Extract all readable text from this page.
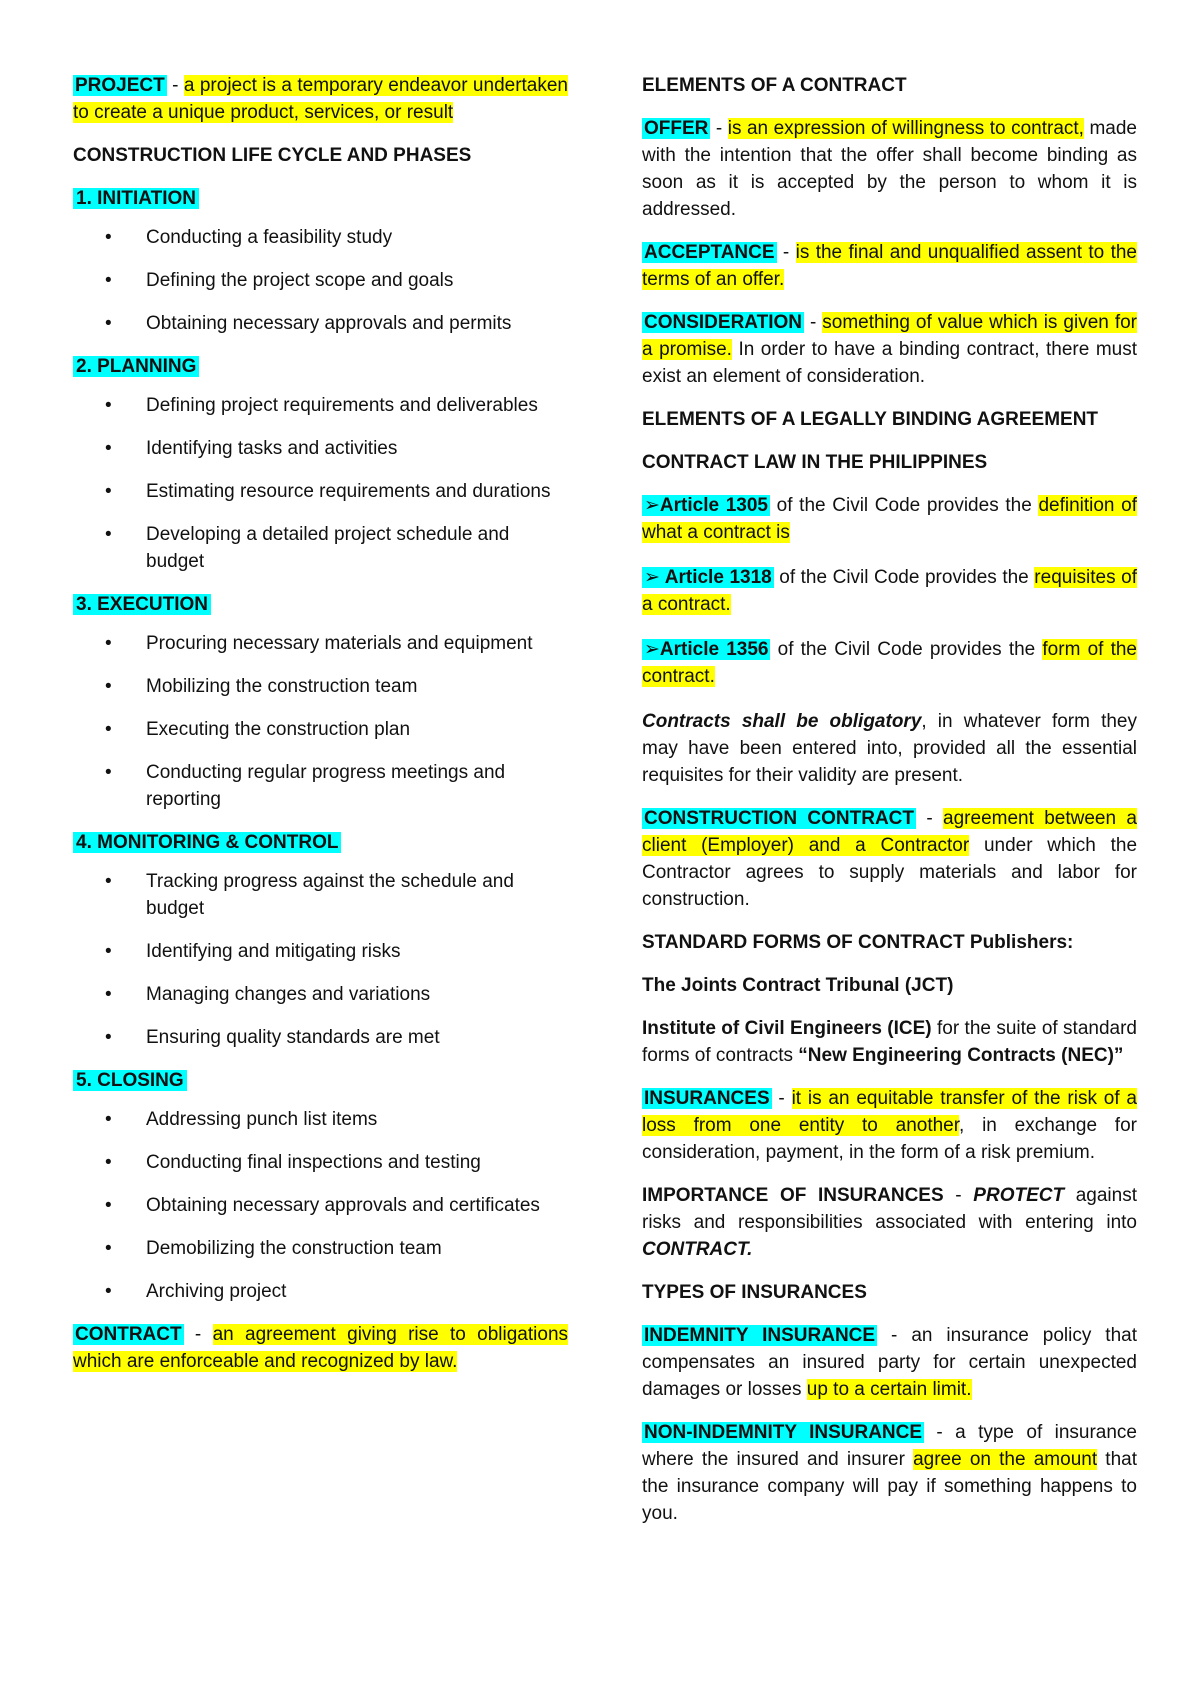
PROJECT - a project is a temporary endeavor undertaken to create a unique product, services, or result

CONSTRUCTION LIFE CYCLE AND PHASES

1. INITIATION

• Conducting a feasibility study
• Defining the project scope and goals
• Obtaining necessary approvals and permits

2. PLANNING

• Defining project requirements and deliverables
• Identifying tasks and activities
• Estimating resource requirements and durations
• Developing a detailed project schedule and budget

3. EXECUTION

• Procuring necessary materials and equipment
• Mobilizing the construction team
• Executing the construction plan
• Conducting regular progress meetings and reporting

4. MONITORING & CONTROL

• Tracking progress against the schedule and budget
• Identifying and mitigating risks
• Managing changes and variations
• Ensuring quality standards are met

5. CLOSING

• Addressing punch list items
• Conducting final inspections and testing
• Obtaining necessary approvals and certificates
• Demobilizing the construction team
• Archiving project

CONTRACT - an agreement giving rise to obligations which are enforceable and recognized by law.

ELEMENTS OF A CONTRACT

OFFER - is an expression of willingness to contract, made with the intention that the offer shall become binding as soon as it is accepted by the person to whom it is addressed.

ACCEPTANCE - is the final and unqualified assent to the terms of an offer.

CONSIDERATION - something of value which is given for a promise. In order to have a binding contract, there must exist an element of consideration.

ELEMENTS OF A LEGALLY BINDING AGREEMENT

CONTRACT LAW IN THE PHILIPPINES

➢Article 1305 of the Civil Code provides the definition of what a contract is

➢ Article 1318 of the Civil Code provides the requisites of a contract.

➢Article 1356 of the Civil Code provides the form of the contract.

Contracts shall be obligatory, in whatever form they may have been entered into, provided all the essential requisites for their validity are present.

CONSTRUCTION CONTRACT - agreement between a client (Employer) and a Contractor under which the Contractor agrees to supply materials and labor for construction.

STANDARD FORMS OF CONTRACT Publishers:

The Joints Contract Tribunal (JCT)

Institute of Civil Engineers (ICE) for the suite of standard forms of contracts “New Engineering Contracts (NEC)”

INSURANCES - it is an equitable transfer of the risk of a loss from one entity to another, in exchange for consideration, payment, in the form of a risk premium.

IMPORTANCE OF INSURANCES - PROTECT against risks and responsibilities associated with entering into CONTRACT.

TYPES OF INSURANCES

INDEMNITY INSURANCE - an insurance policy that compensates an insured party for certain unexpected damages or losses up to a certain limit.

NON-INDEMNITY INSURANCE - a type of insurance where the insured and insurer agree on the amount that the insurance company will pay if something happens to you.
